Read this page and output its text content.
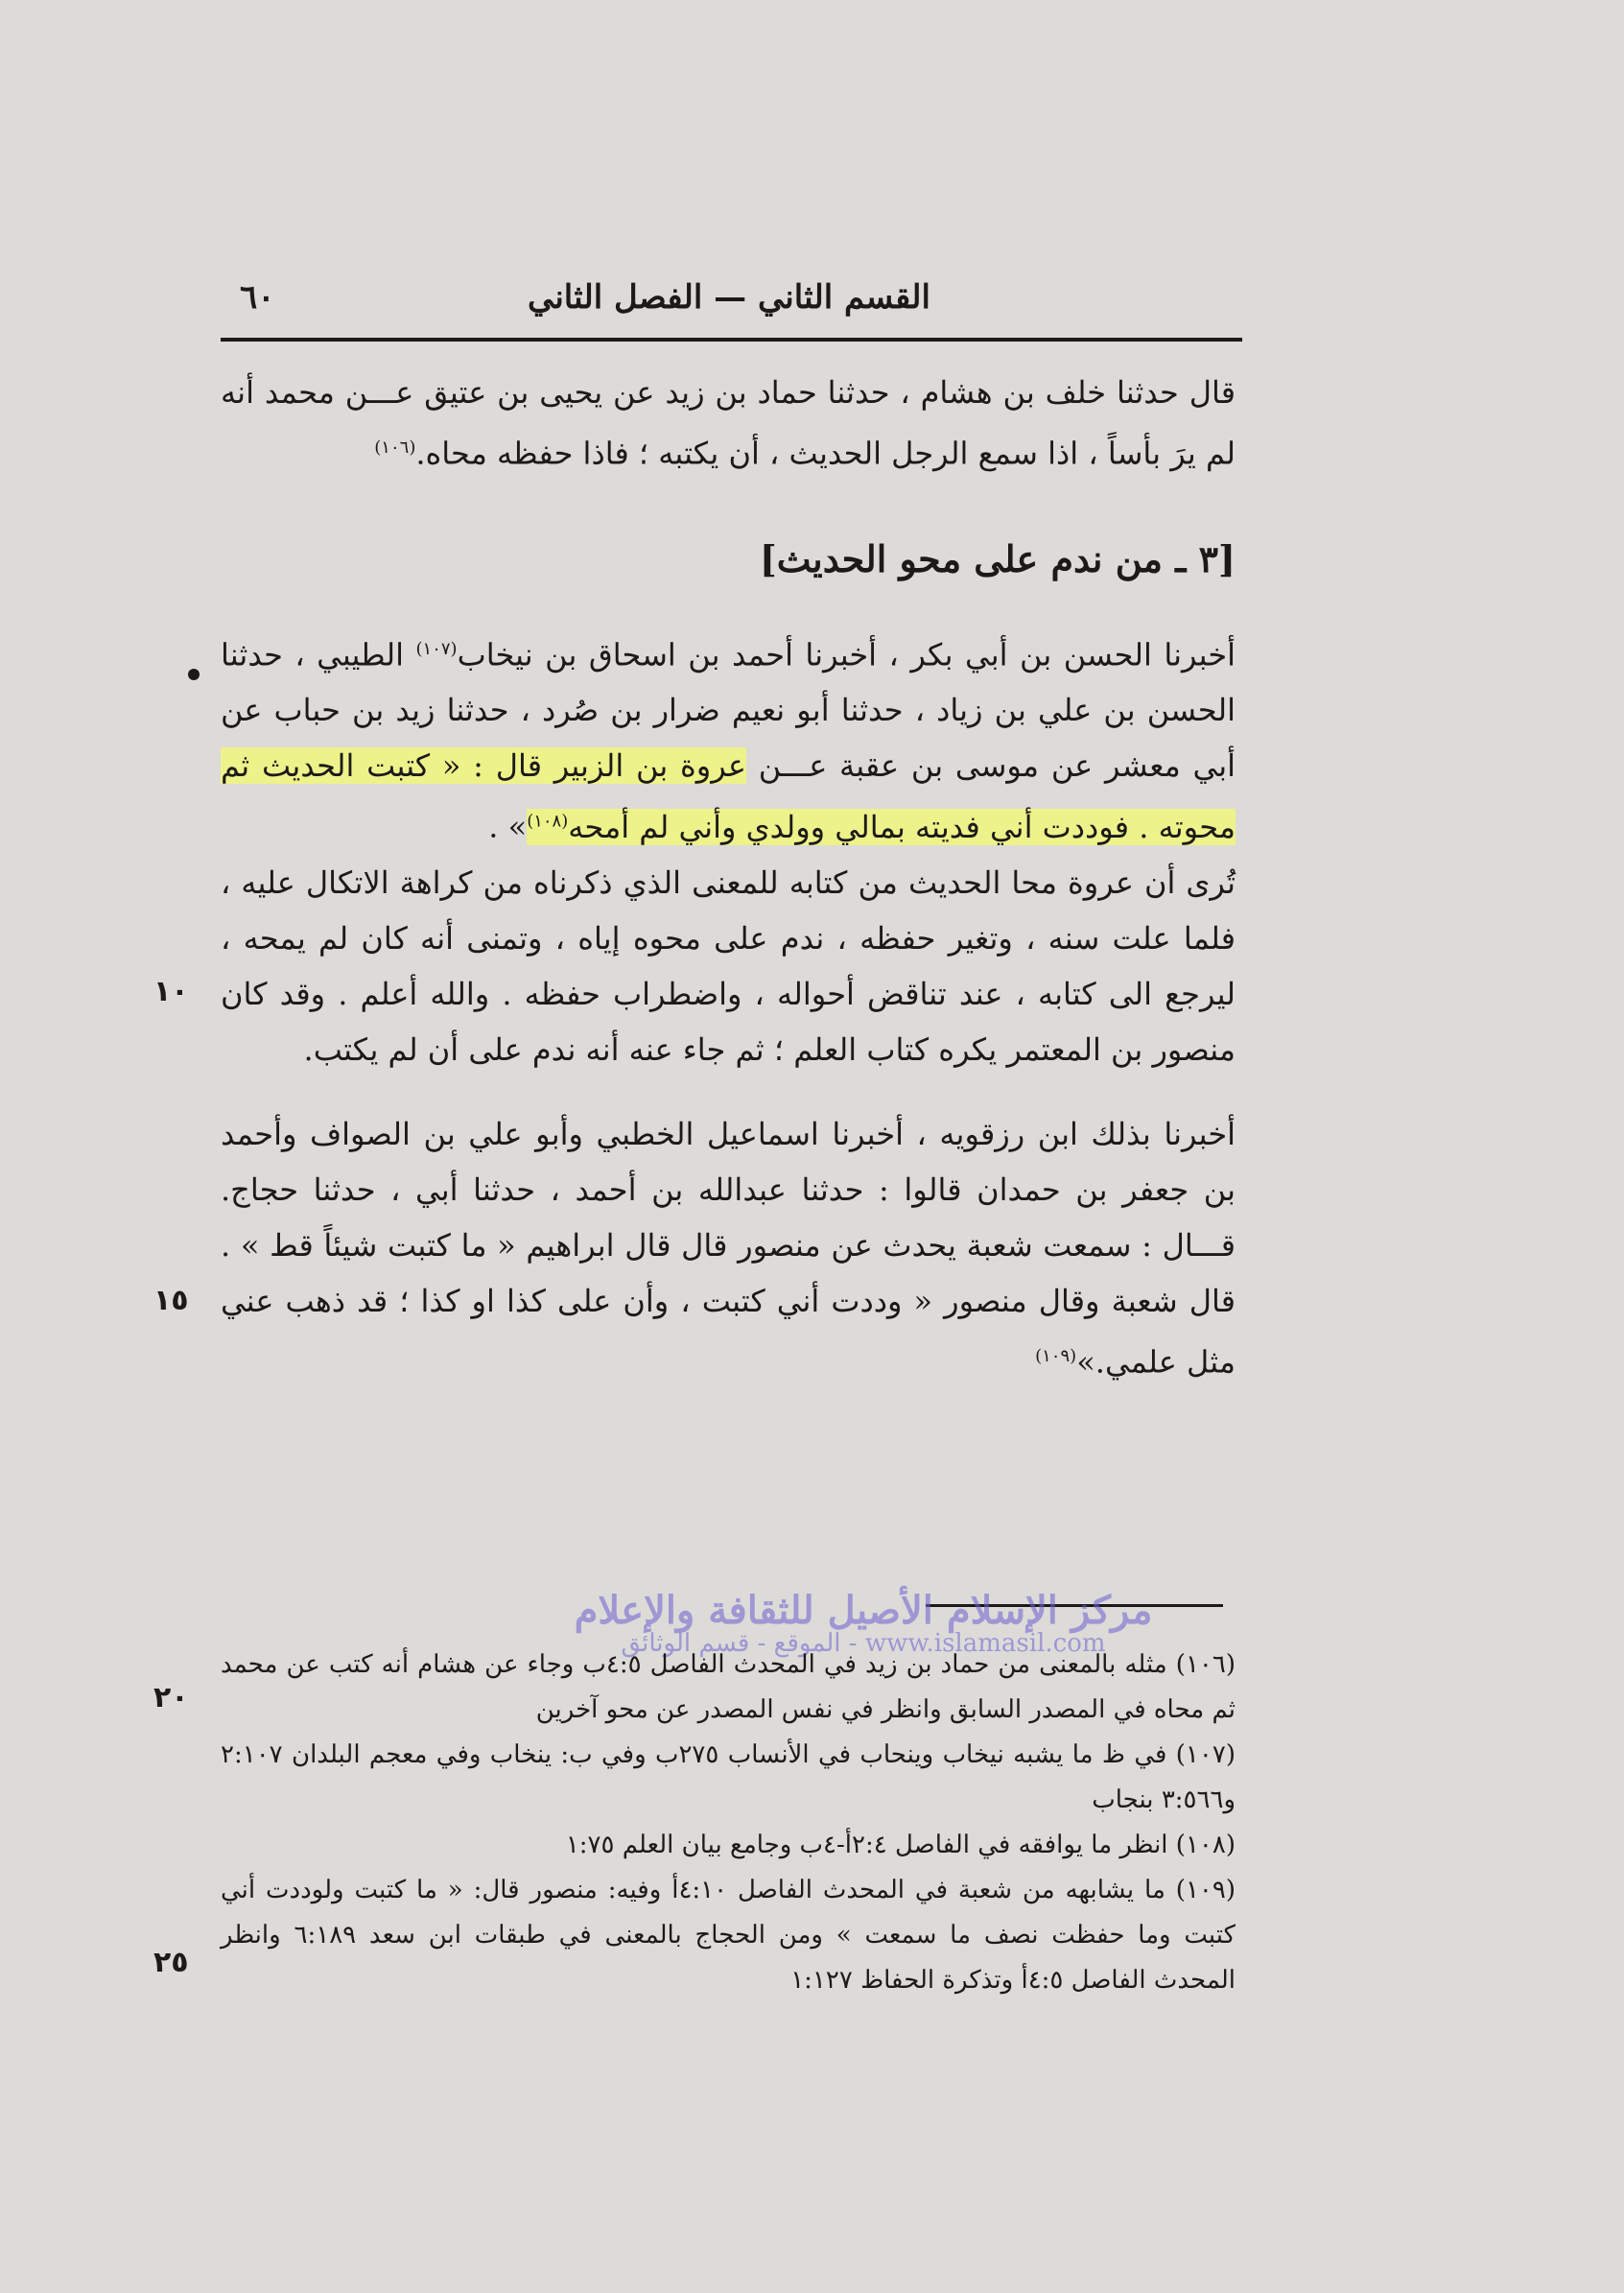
القسم الثاني — الفصل الثاني
٦٠

قال حدثنا خلف بن هشام ، حدثنا حماد بن زيد عن يحيى بن عتيق عـــن محمد أنه لم يرَ بأساً ، اذا سمع الرجل الحديث ، أن يكتبه ؛ فاذا حفظه محاه.$^{(١٠٦)}$

[٣ ـ من ندم على محو الحديث]

أخبرنا الحسن بن أبي بكر ، أخبرنا أحمد بن اسحاق بن نيخاب$^{(١٠٧)}$ الطيبي ، حدثنا الحسن بن علي بن زياد ، حدثنا أبو نعيم ضرار بن صُرد ، حدثنا زيد بن حباب عن أبي معشر عن موسى بن عقبة عـــن عروة بن الزبير قال : « كتبت الحديث ثم محوته . فوددت أني فديته بمالي وولدي وأني لم أمحه$^{(١٠٨)}$» .

تُرى أن عروة محا الحديث من كتابه للمعنى الذي ذكرناه من كراهة الاتكال عليه ، فلما علت سنه ، وتغير حفظه ، ندم على محوه إياه ، وتمنى أنه كان لم يمحه ، ليرجع الى كتابه ، عند تناقض أحواله ، واضطراب حفظه . والله أعلم . وقد كان منصور بن المعتمر يكره كتاب العلم ؛ ثم جاء عنه أنه ندم على أن لم يكتب.

أخبرنا بذلك ابن رزقويه ، أخبرنا اسماعيل الخطبي وأبو علي بن الصواف وأحمد بن جعفر بن حمدان قالوا : حدثنا عبدالله بن أحمد ، حدثنا أبي ، حدثنا حجاج. قـــال : سمعت شعبة يحدث عن منصور قال قال ابراهيم « ما كتبت شيئاً قط » . قال شعبة وقال منصور « وددت أني كتبت ، وأن على كذا او كذا ؛ قد ذهب عني مثل علمي.»$^{(١٠٩)}$

١٠
١٥
٢٠
٢٥
مركز الإسلام الأصيل للثقافة والإعلام
الموقع - قسم الوثائق - www.islamasil.com

(١٠٦) مثله بالمعنى من حماد بن زيد في المحدث الفاصل ٤:٥ب وجاء عن هشام أنه كتب عن محمد ثم محاه في المصدر السابق وانظر في نفس المصدر عن محو آخرين

(١٠٧) في ظ ما يشبه نيخاب وينحاب في الأنساب ٢٧٥ب وفي ب: ينخاب وفي معجم البلدان ٢:١٠٧ و٣:٥٦٦ بنجاب

(١٠٨) انظر ما يوافقه في الفاصل ٢:٤أ-٤ب وجامع بيان العلم ١:٧٥

(١٠٩) ما يشابهه من شعبة في المحدث الفاصل ٤:١٠أ وفيه: منصور قال: « ما كتبت ولوددت أني كتبت وما حفظت نصف ما سمعت » ومن الحجاج بالمعنى في طبقات ابن سعد ٦:١٨٩ وانظر المحدث الفاصل ٤:٥أ وتذكرة الحفاظ ١:١٢٧
